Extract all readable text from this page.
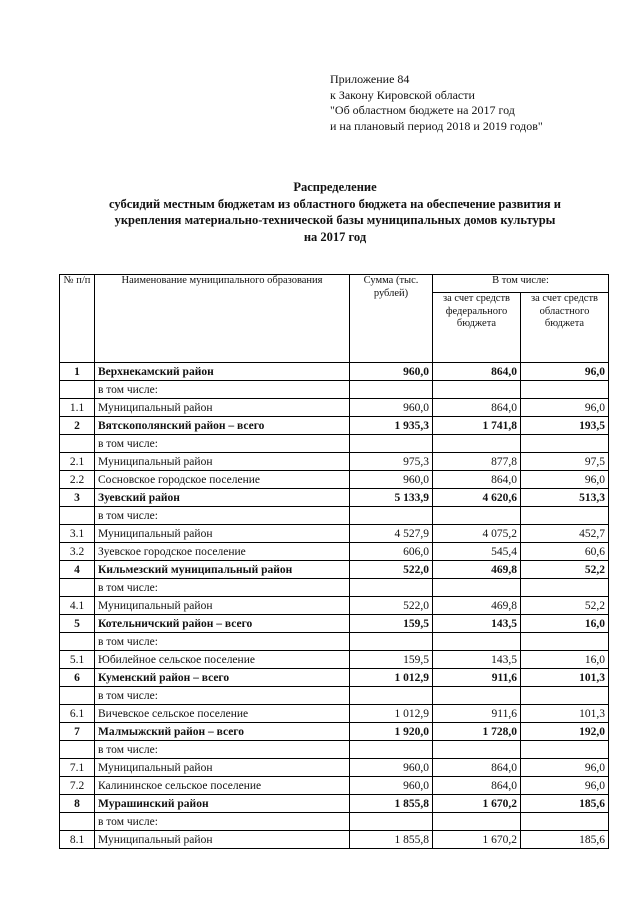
Приложение 84
к Закону Кировской области
"Об областном бюджете на 2017 год
и на плановый период 2018 и 2019 годов"
Распределение
субсидий местным бюджетам из областного бюджета на обеспечение развития и
укрепления материально-технической базы муниципальных домов культуры
на 2017 год
№ п/п	Наименование муниципального образования	Сумма (тыс. рублей)	В том числе:	
			за счет средств федерального бюджета	за счет средств областного бюджета
1	Верхнекамский район	960,0	864,0	96,0
	в том числе:			
1.1	Муниципальный район	960,0	864,0	96,0
2	Вятскополянский район – всего	1 935,3	1 741,8	193,5
	в том числе:			
2.1	Муниципальный район	975,3	877,8	97,5
2.2	Сосновское городское поселение	960,0	864,0	96,0
3	Зуевский район	5 133,9	4 620,6	513,3
	в том числе:			
3.1	Муниципальный район	4 527,9	4 075,2	452,7
3.2	Зуевское городское поселение	606,0	545,4	60,6
4	Кильмезский муниципальный район	522,0	469,8	52,2
	в том числе:			
4.1	Муниципальный район	522,0	469,8	52,2
5	Котельничский район – всего	159,5	143,5	16,0
	в том числе:			
5.1	Юбилейное сельское поселение	159,5	143,5	16,0
6	Куменский район – всего	1 012,9	911,6	101,3
	в том числе:			
6.1	Вичевское сельское поселение	1 012,9	911,6	101,3
7	Малмыжский район – всего	1 920,0	1 728,0	192,0
	в том числе:			
7.1	Муниципальный район	960,0	864,0	96,0
7.2	Калининское сельское поселение	960,0	864,0	96,0
8	Мурашинский район	1 855,8	1 670,2	185,6
	в том числе:			
8.1	Муниципальный район	1 855,8	1 670,2	185,6
